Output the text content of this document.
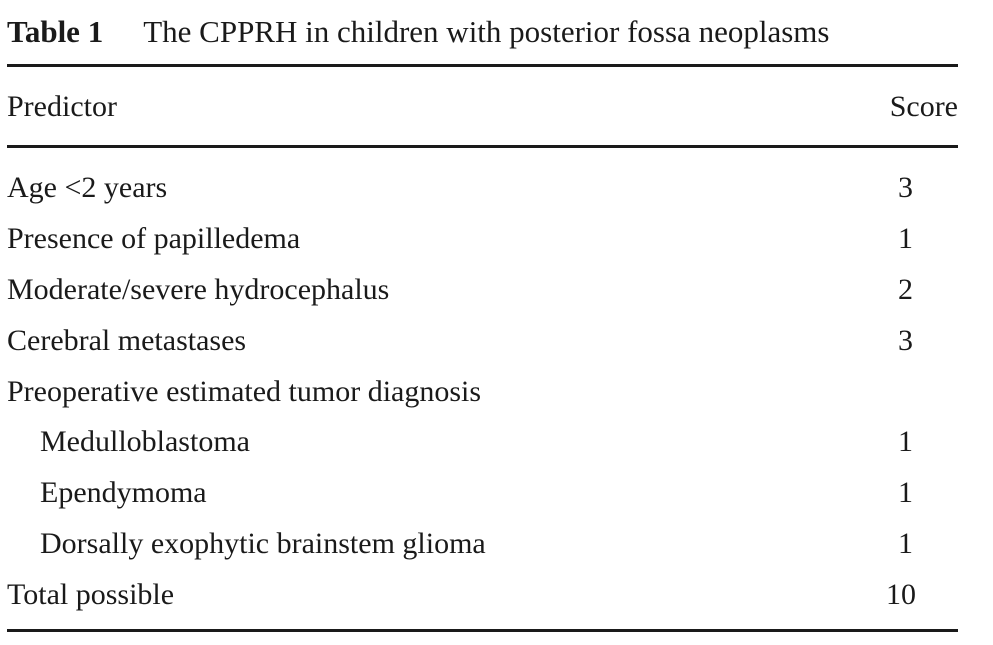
Table 1 The CPPRH in children with posterior fossa neoplasms
Predictor	Score
Age <2 years	3
Presence of papilledema	1
Moderate/severe hydrocephalus	2
Cerebral metastases	3
Preoperative estimated tumor diagnosis
Medulloblastoma	1
Ependymoma	1
Dorsally exophytic brainstem glioma	1
Total possible	10
